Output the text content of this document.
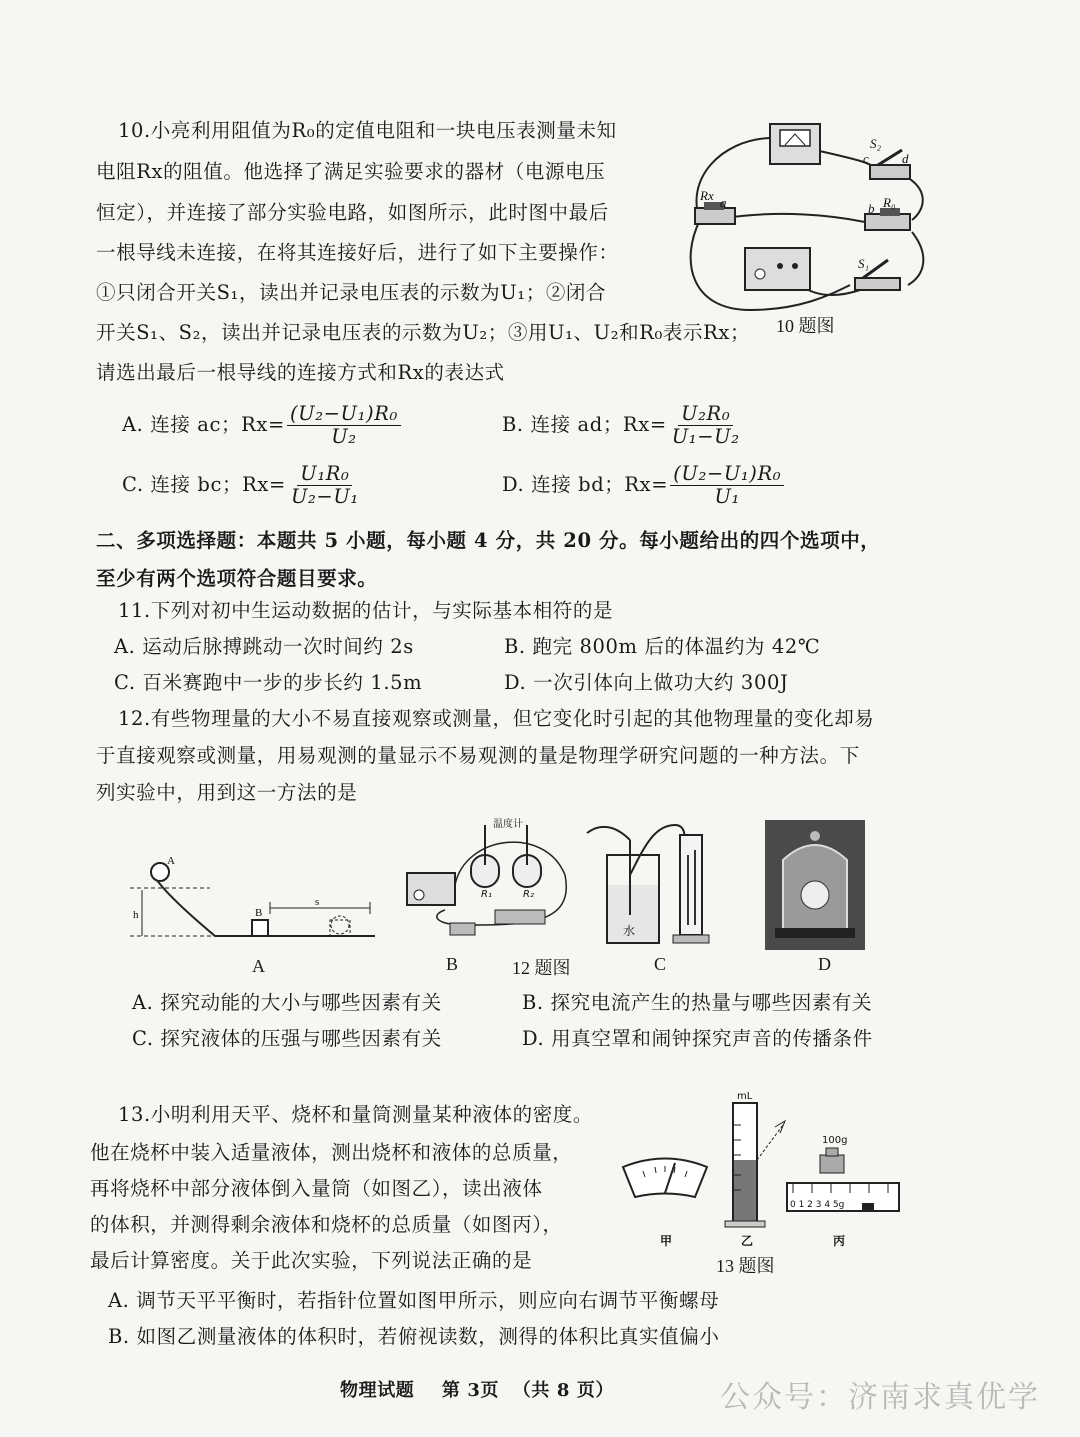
10.小亮利用阻值为R₀的定值电阻和一块电压表测量未知
电阻Rx的阻值。他选择了满足实验要求的器材（电源电压
恒定），并连接了部分实验电路，如图所示，此时图中最后
一根导线未连接，在将其连接好后，进行了如下主要操作：
①只闭合开关S₁，读出并记录电压表的示数为U₁；②闭合
开关S₁、S₂，读出并记录电压表的示数为U₂；③用U₁、U₂和R₀表示Rx；
请选出最后一根导线的连接方式和Rx的表达式
S₂
c	d
Rx a	b R₀
S₁
10 题图
A. 连接 ac；$Rx= \frac{\text{(U₂−U₁)R₀}}{\text{U₂}}$	B. 连接 ad；$Rx= \frac{\text{U₂R₀}}{\text{U₁−U₂}}$
C. 连接 bc；$Rx= \frac{\text{U₁R₀}}{\text{U₂−U₁}}$	D. 连接 bd；$Rx= \frac{\text{(U₂−U₁)R₀}}{\text{U₁}}$
二、多项选择题：本题共 5 小题，每小题 4 分，共 20 分。每小题给出的四个选项中，
至少有两个选项符合题目要求。
11.下列对初中生运动数据的估计，与实际基本相符的是
A. 运动后脉搏跳动一次时间约 2s	B. 跑完 800m 后的体温约为 42℃
C. 百米赛跑中一步的步长约 1.5m	D. 一次引体向上做功大约 300J
12.有些物理量的大小不易直接观察或测量，但它变化时引起的其他物理量的变化却易
于直接观察或测量，用易观测的量显示不易观测的量是物理学研究问题的一种方法。下
列实验中，用到这一方法的是
A
h	B
s
A
温度计
R₁	R₂
B	12 题图
水
C	D
A. 探究动能的大小与哪些因素有关	B. 探究电流产生的热量与哪些因素有关
C. 探究液体的压强与哪些因素有关	D. 用真空罩和闹钟探究声音的传播条件
13.小明利用天平、烧杯和量筒测量某种液体的密度。
他在烧杯中装入适量液体，测出烧杯和液体的总质量，
再将烧杯中部分液体倒入量筒（如图乙），读出液体
的体积，并测得剩余液体和烧杯的总质量（如图丙），
最后计算密度。关于此次实验，下列说法正确的是
mL
100g
0 1 2 3 4 5g
甲	乙	丙
13 题图
A. 调节天平平衡时，若指针位置如图甲所示，则应向右调节平衡螺母
B. 如图乙测量液体的体积时，若俯视读数，测得的体积比真实值偏小
物理试题    第 3页  （共 8 页）	公众号：济南求真优学
